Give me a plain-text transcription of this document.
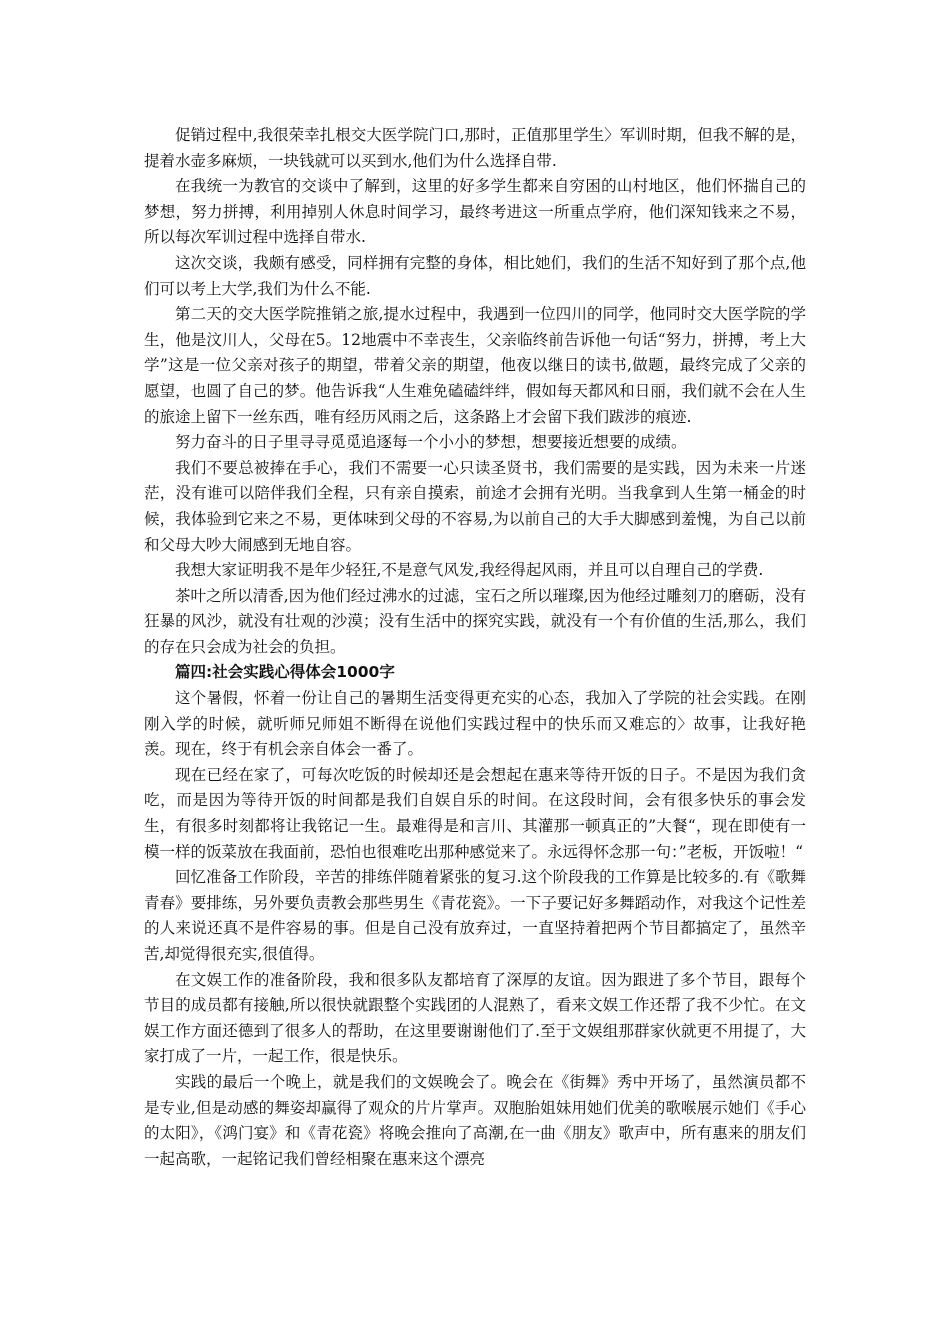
促销过程中,我很荣幸扎根交大医学院门口,那时，正值那里学生〉军训时期，但我不解的是，提着水壶多麻烦，一块钱就可以买到水,他们为什么选择自带.

在我统一为教官的交谈中了解到，这里的好多学生都来自穷困的山村地区，他们怀揣自己的梦想，努力拼搏，利用掉别人休息时间学习，最终考进这一所重点学府，他们深知钱来之不易，所以每次军训过程中选择自带水.

这次交谈，我颇有感受，同样拥有完整的身体，相比她们，我们的生活不知好到了那个点,他们可以考上大学,我们为什么不能.

第二天的交大医学院推销之旅,提水过程中，我遇到一位四川的同学，他同时交大医学院的学生，他是汶川人，父母在5。12地震中不幸丧生，父亲临终前告诉他一句话“努力，拼搏，考上大学”这是一位父亲对孩子的期望，带着父亲的期望，他夜以继日的读书,做题，最终完成了父亲的愿望，也圆了自己的梦。他告诉我“人生难免磕磕绊绊，假如每天都风和日丽，我们就不会在人生的旅途上留下一丝东西，唯有经历风雨之后，这条路上才会留下我们跋涉的痕迹.

努力奋斗的日子里寻寻觅觅追逐每一个小小的梦想，想要接近想要的成绩。

我们不要总被捧在手心，我们不需要一心只读圣贤书，我们需要的是实践，因为未来一片迷茫，没有谁可以陪伴我们全程，只有亲自摸索，前途才会拥有光明。当我拿到人生第一桶金的时候，我体验到它来之不易，更体味到父母的不容易,为以前自己的大手大脚感到羞愧，为自己以前和父母大吵大闹感到无地自容。

我想大家证明我不是年少轻狂,不是意气风发,我经得起风雨，并且可以自理自己的学费.

茶叶之所以清香,因为他们经过沸水的过滤，宝石之所以璀璨,因为他经过雕刻刀的磨砺，没有狂暴的风沙，就没有壮观的沙漠；没有生活中的探究实践，就没有一个有价值的生活,那么，我们的存在只会成为社会的负担。

篇四:社会实践心得体会1000字

这个暑假，怀着一份让自己的暑期生活变得更充实的心态，我加入了学院的社会实践。在刚刚入学的时候，就听师兄师姐不断得在说他们实践过程中的快乐而又难忘的〉故事，让我好艳羡。现在，终于有机会亲自体会一番了。

现在已经在家了，可每次吃饭的时候却还是会想起在惠来等待开饭的日子。不是因为我们贪吃，而是因为等待开饭的时间都是我们自娱自乐的时间。在这段时间，会有很多快乐的事会发生，有很多时刻都将让我铭记一生。最难得是和言川、其灌那一顿真正的”大餐“，现在即使有一模一样的饭菜放在我面前，恐怕也很难吃出那种感觉来了。永远得怀念那一句：”老板，开饭啦！“

回忆准备工作阶段，辛苦的排练伴随着紧张的复习.这个阶段我的工作算是比较多的.有《歌舞青春》要排练，另外要负责教会那些男生《青花瓷》。一下子要记好多舞蹈动作，对我这个记性差的人来说还真不是件容易的事。但是自己没有放弃过，一直坚持着把两个节目都搞定了，虽然辛苦,却觉得很充实,很值得。

在文娱工作的准备阶段，我和很多队友都培育了深厚的友谊。因为跟进了多个节目，跟每个节目的成员都有接触,所以很快就跟整个实践团的人混熟了，看来文娱工作还帮了我不少忙。在文娱工作方面还德到了很多人的帮助，在这里要谢谢他们了.至于文娱组那群家伙就更不用提了，大家打成了一片，一起工作，很是快乐。

实践的最后一个晚上，就是我们的文娱晚会了。晚会在《街舞》秀中开场了，虽然演员都不是专业,但是动感的舞姿却赢得了观众的片片掌声。双胞胎姐妹用她们优美的歌喉展示她们《手心的太阳》，《鸿门宴》和《青花瓷》将晚会推向了高潮,在一曲《朋友》歌声中，所有惠来的朋友们一起高歌，一起铭记我们曾经相聚在惠来这个漂亮
